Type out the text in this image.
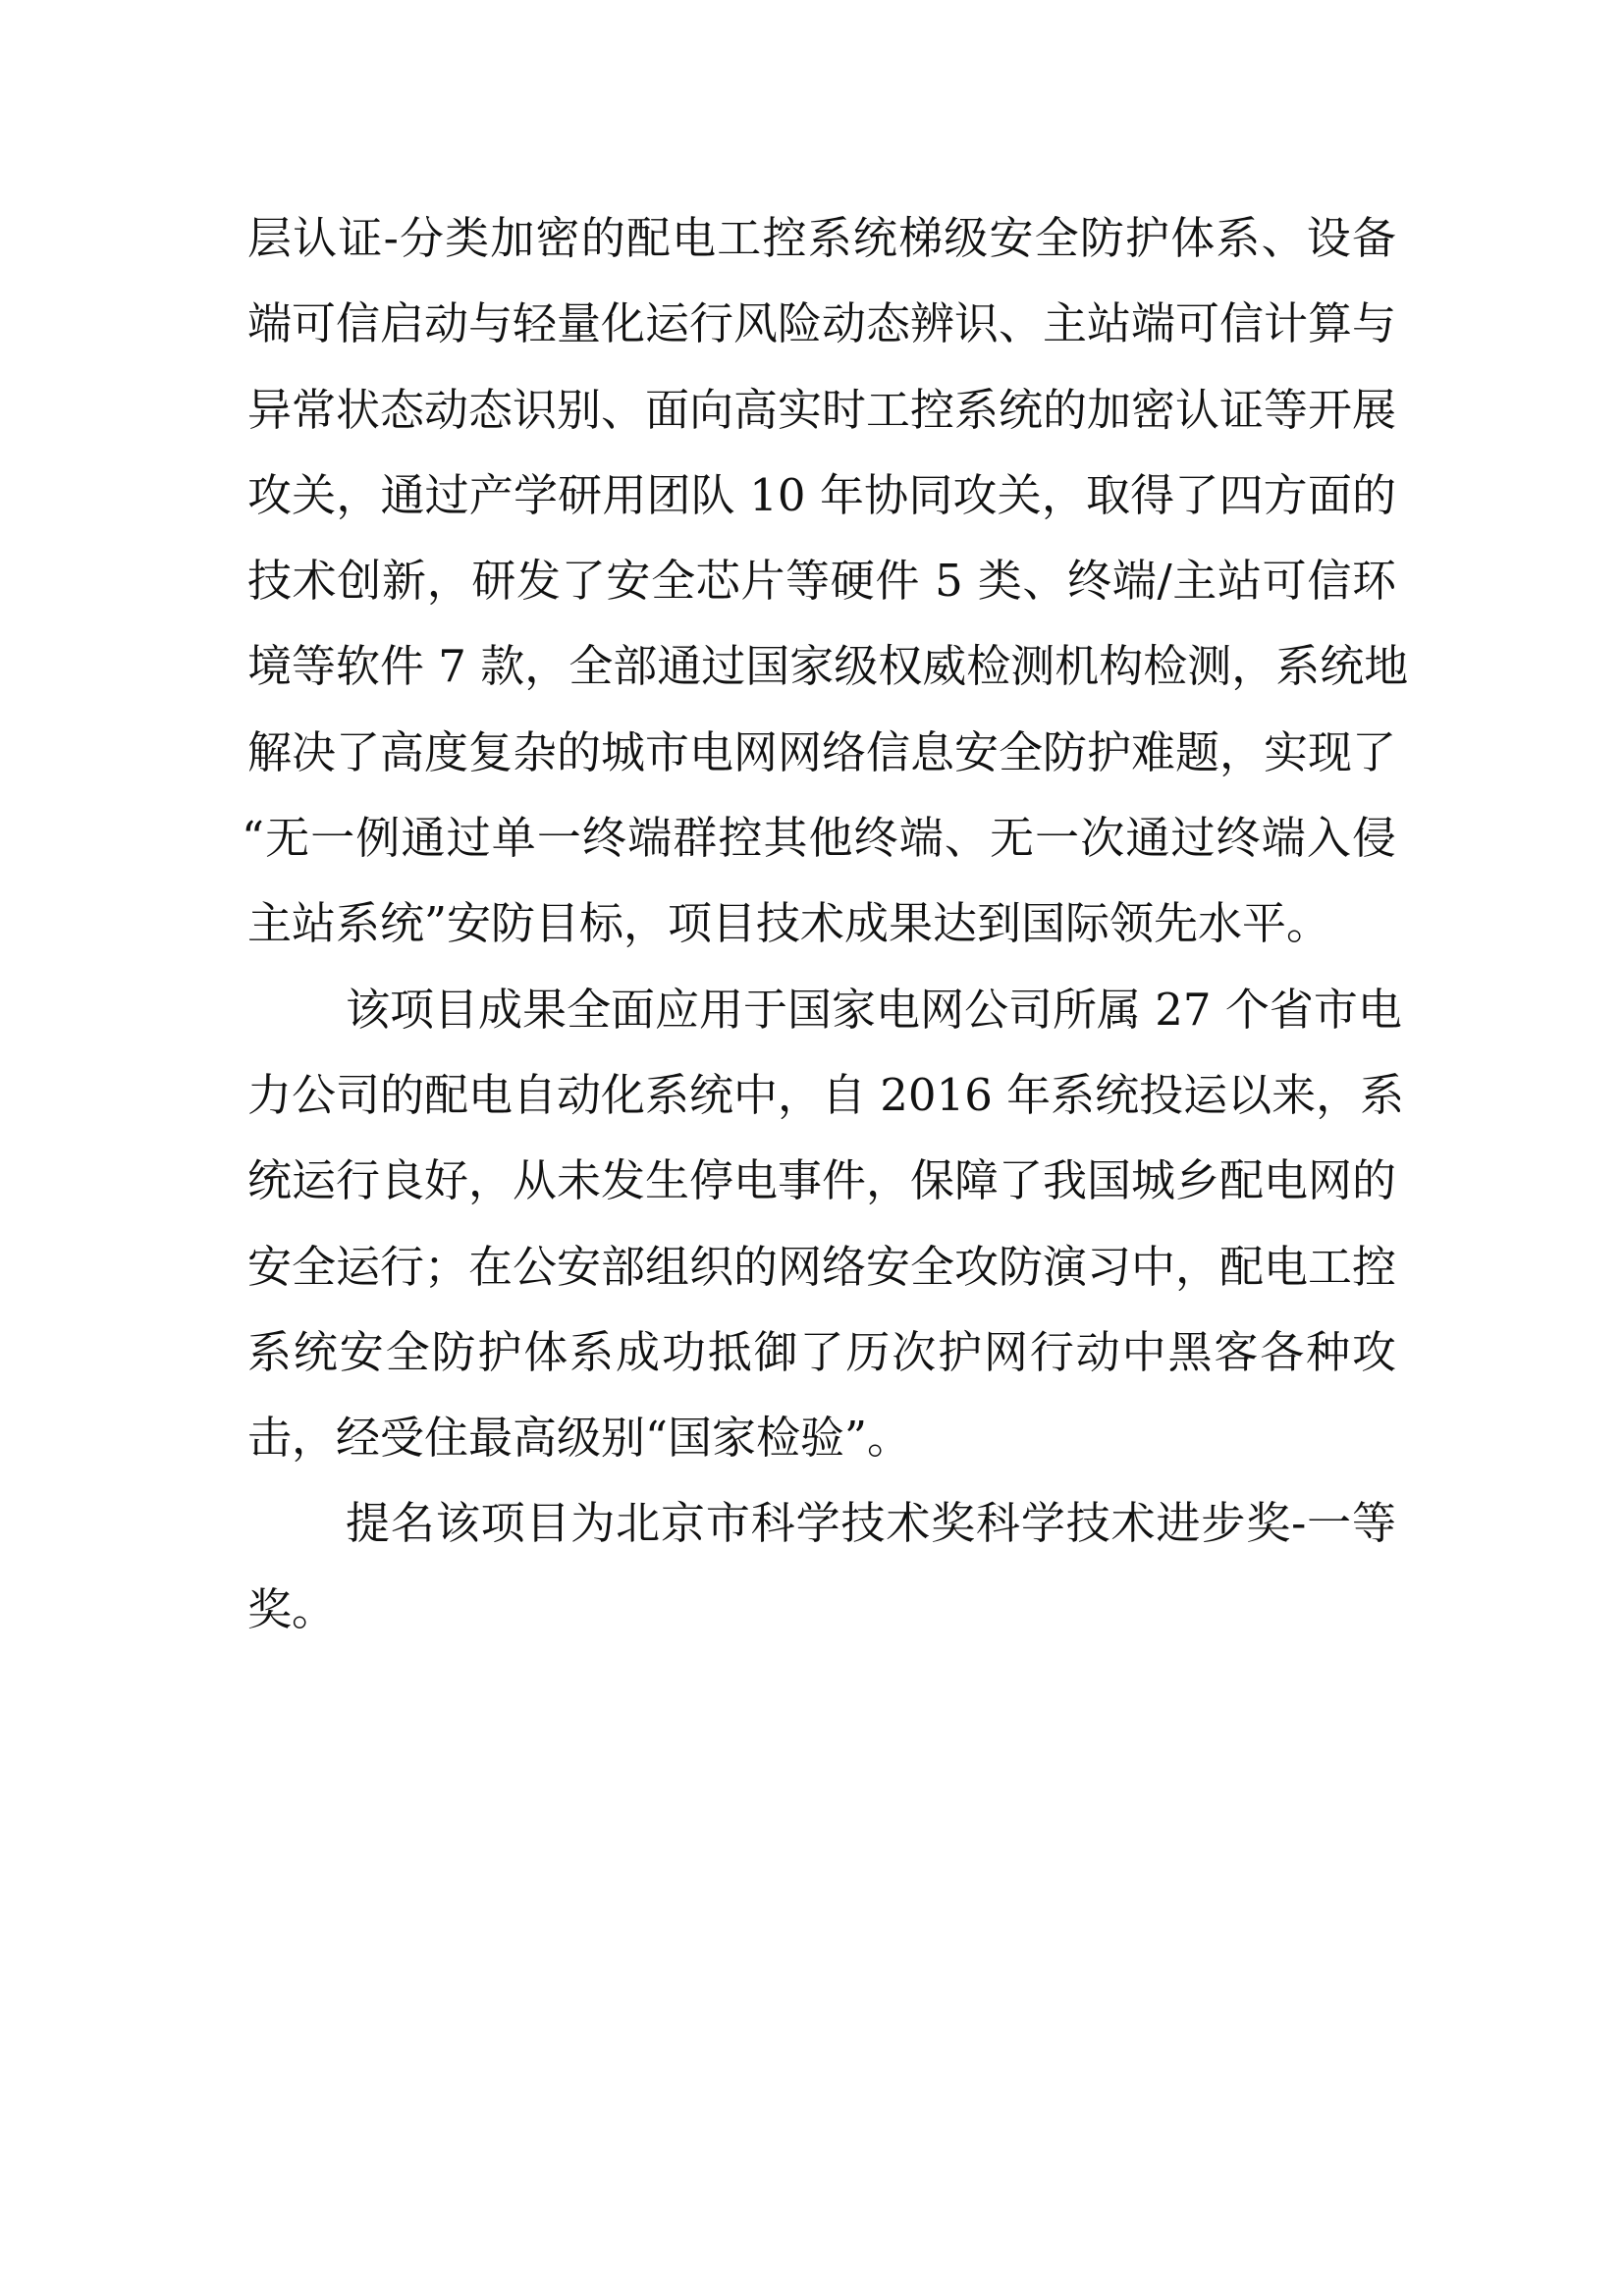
层认证-分类加密的配电工控系统梯级安全防护体系、设备
端可信启动与轻量化运行风险动态辨识、主站端可信计算与
异常状态动态识别、面向高实时工控系统的加密认证等开展
攻关，通过产学研用团队 10 年协同攻关，取得了四方面的
技术创新，研发了安全芯片等硬件 5 类、终端/主站可信环
境等软件 7 款，全部通过国家级权威检测机构检测，系统地
解决了高度复杂的城市电网网络信息安全防护难题，实现了
“无一例通过单一终端群控其他终端、无一次通过终端入侵
主站系统”安防目标，项目技术成果达到国际领先水平。
该项目成果全面应用于国家电网公司所属 27 个省市电
力公司的配电自动化系统中，自 2016 年系统投运以来，系
统运行良好，从未发生停电事件，保障了我国城乡配电网的
安全运行；在公安部组织的网络安全攻防演习中，配电工控
系统安全防护体系成功抵御了历次护网行动中黑客各种攻
击，经受住最高级别“国家检验”。
提名该项目为北京市科学技术奖科学技术进步奖-一等
奖。
